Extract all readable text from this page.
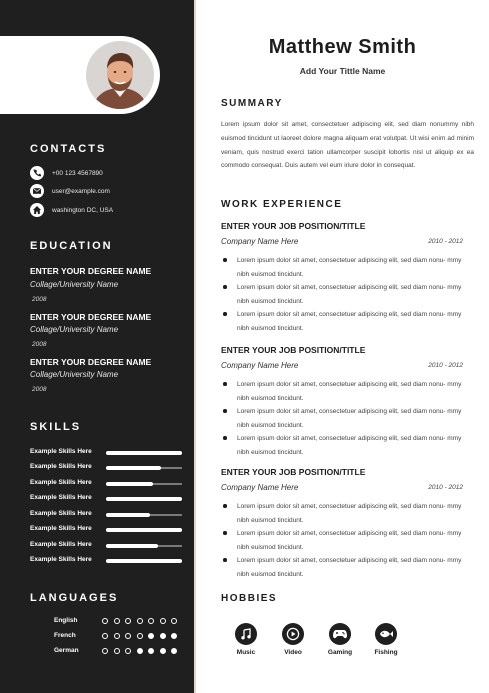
CONTACTS
+00 123 4567890
user@example.com
washington DC, USA
EDUCATION
ENTER YOUR DEGREE NAME
Collage/University Name
2008
ENTER YOUR DEGREE NAME
Collage/University Name
2008
ENTER YOUR DEGREE NAME
Collage/University Name
2008
SKILLS
Example Skills Here
Example Skills Here
Example Skills Here
Example Skills Here
Example Skills Here
Example Skills Here
Example Skills Here
Example Skills Here
LANGUAGES
English
French
German
Matthew Smith
Add Your Tittle Name
SUMMARY
Lorem ipsum dolor sit amet, consectetuer adipiscing elit, sed diam nonummy nibh euismod tincidunt ut laoreet dolore magna aliquam erat volutpat. Ut wisi enim ad minim veniam, quis nostrud exerci tation ullamcorper suscipit lobortis nisl ut aliquip ex ea commodo consequat. Duis autem vel eum iriure dolor in consequat.
WORK EXPERIENCE
ENTER YOUR JOB POSITION/TITLE
Company Name Here	2010 - 2012
Lorem ipsum dolor sit amet, consectetuer adipiscing elit, sed diam nonu- mmy nibh euismod tincidunt.
Lorem ipsum dolor sit amet, consectetuer adipiscing elit, sed diam nonu- mmy nibh euismod tincidunt.
Lorem ipsum dolor sit amet, consectetuer adipiscing elit, sed diam nonu- mmy nibh euismod tincidunt.
ENTER YOUR JOB POSITION/TITLE
Company Name Here	2010 - 2012
Lorem ipsum dolor sit amet, consectetuer adipiscing elit, sed diam nonu- mmy nibh euismod tincidunt.
Lorem ipsum dolor sit amet, consectetuer adipiscing elit, sed diam nonu- mmy nibh euismod tincidunt.
Lorem ipsum dolor sit amet, consectetuer adipiscing elit, sed diam nonu- mmy nibh euismod tincidunt.
ENTER YOUR JOB POSITION/TITLE
Company Name Here	2010 - 2012
Lorem ipsum dolor sit amet, consectetuer adipiscing elit, sed diam nonu- mmy nibh euismod tincidunt.
Lorem ipsum dolor sit amet, consectetuer adipiscing elit, sed diam nonu- mmy nibh euismod tincidunt.
Lorem ipsum dolor sit amet, consectetuer adipiscing elit, sed diam nonu- mmy nibh euismod tincidunt.
HOBBIES
Music	Video	Gaming	Fishing
